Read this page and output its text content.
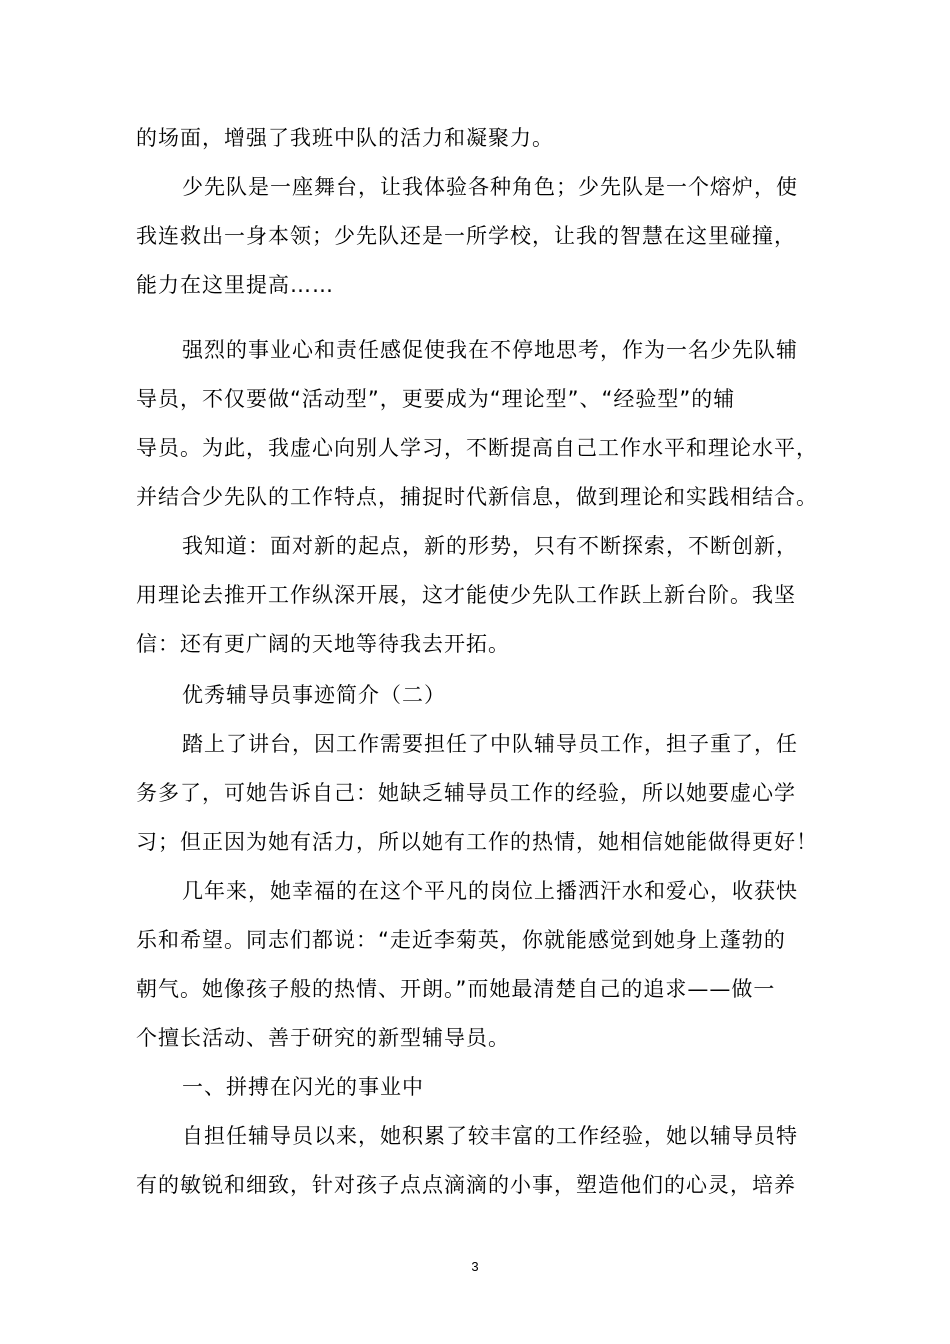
的场面，增强了我班中队的活力和凝聚力。
少先队是一座舞台，让我体验各种角色；少先队是一个熔炉，使
我连救出一身本领；少先队还是一所学校，让我的智慧在这里碰撞，
能力在这里提高……
强烈的事业心和责任感促使我在不停地思考，作为一名少先队辅
导员，不仅要做“活动型”，更要成为“理论型”、“经验型”的辅
导员。为此，我虚心向别人学习，不断提高自己工作水平和理论水平，
并结合少先队的工作特点，捕捉时代新信息，做到理论和实践相结合。
我知道：面对新的起点，新的形势，只有不断探索，不断创新，
用理论去推开工作纵深开展，这才能使少先队工作跃上新台阶。我坚
信：还有更广阔的天地等待我去开拓。
优秀辅导员事迹简介（二）
踏上了讲台，因工作需要担任了中队辅导员工作，担子重了，任
务多了，可她告诉自己：她缺乏辅导员工作的经验，所以她要虚心学
习；但正因为她有活力，所以她有工作的热情，她相信她能做得更好！
几年来，她幸福的在这个平凡的岗位上播洒汗水和爱心，收获快
乐和希望。同志们都说：“走近李菊英，你就能感觉到她身上蓬勃的
朝气。她像孩子般的热情、开朗。”而她最清楚自己的追求——做一
个擅长活动、善于研究的新型辅导员。
一、拼搏在闪光的事业中
自担任辅导员以来，她积累了较丰富的工作经验，她以辅导员特
有的敏锐和细致，针对孩子点点滴滴的小事，塑造他们的心灵，培养
3
